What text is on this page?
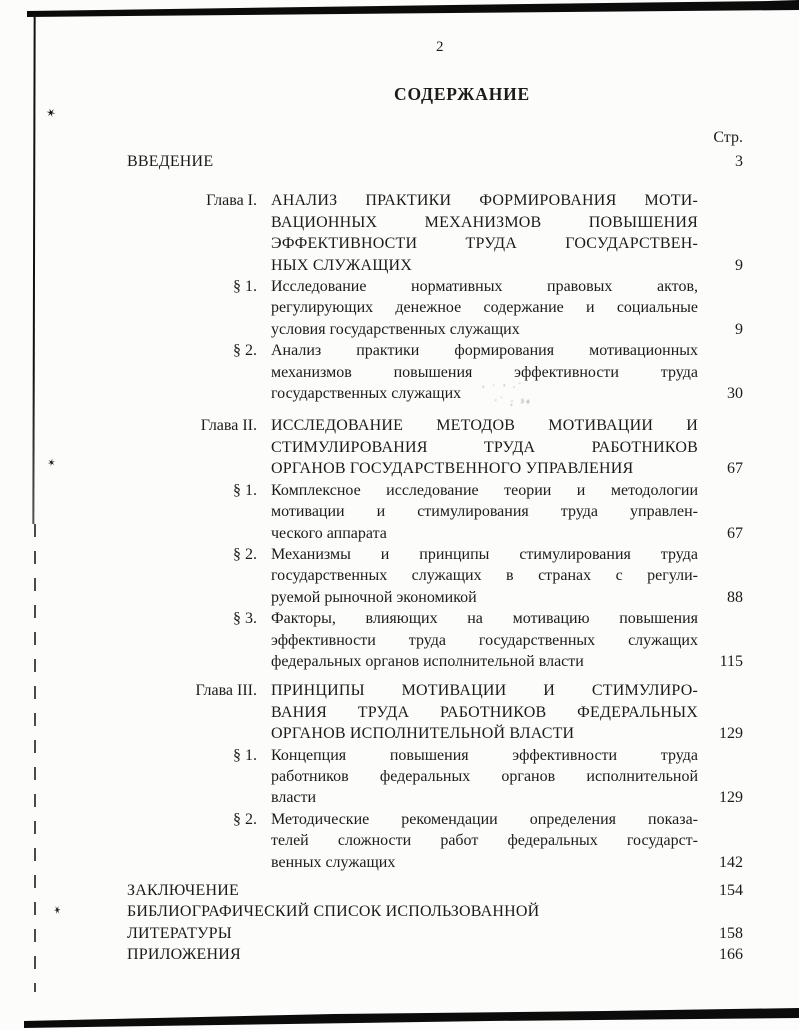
✶
✶
✶
ʼ ˙ ’ ·˙
·˙ ; ³⁴
2
СОДЕРЖАНИЕ
Стр.
ВВЕДЕНИЕ	3
Глава I. АНАЛИЗ ПРАКТИКИ ФОРМИРОВАНИЯ МОТИ-
ВАЦИОННЫХ МЕХАНИЗМОВ ПОВЫШЕНИЯ
ЭФФЕКТИВНОСТИ ТРУДА ГОСУДАРСТВЕН-
НЫХ СЛУЖАЩИХ	9
§ 1. Исследование нормативных правовых актов,
регулирующих денежное содержание и социальные
условия государственных служащих	9
§ 2. Анализ практики формирования мотивационных
механизмов повышения эффективности труда
государственных служащих	30
Глава II. ИССЛЕДОВАНИЕ МЕТОДОВ МОТИВАЦИИ И
СТИМУЛИРОВАНИЯ ТРУДА РАБОТНИКОВ
ОРГАНОВ ГОСУДАРСТВЕННОГО УПРАВЛЕНИЯ	67
§ 1. Комплексное исследование теории и методологии
мотивации и стимулирования труда управлен-
ческого аппарата	67
§ 2. Механизмы и принципы стимулирования труда
государственных служащих в странах с регули-
руемой рыночной экономикой	88
§ 3. Факторы, влияющих на мотивацию повышения
эффективности труда государственных служащих
федеральных органов исполнительной власти	115
Глава III. ПРИНЦИПЫ МОТИВАЦИИ И СТИМУЛИРО-
ВАНИЯ ТРУДА РАБОТНИКОВ ФЕДЕРАЛЬНЫХ
ОРГАНОВ ИСПОЛНИТЕЛЬНОЙ ВЛАСТИ	129
§ 1. Концепция повышения эффективности труда
работников федеральных органов исполнительной
власти	129
§ 2. Методические рекомендации определения показа-
телей сложности работ федеральных государст-
венных служащих	142
ЗАКЛЮЧЕНИЕ	154
БИБЛИОГРАФИЧЕСКИЙ СПИСОК ИСПОЛЬЗОВАННОЙ
ЛИТЕРАТУРЫ	158
ПРИЛОЖЕНИЯ	166
